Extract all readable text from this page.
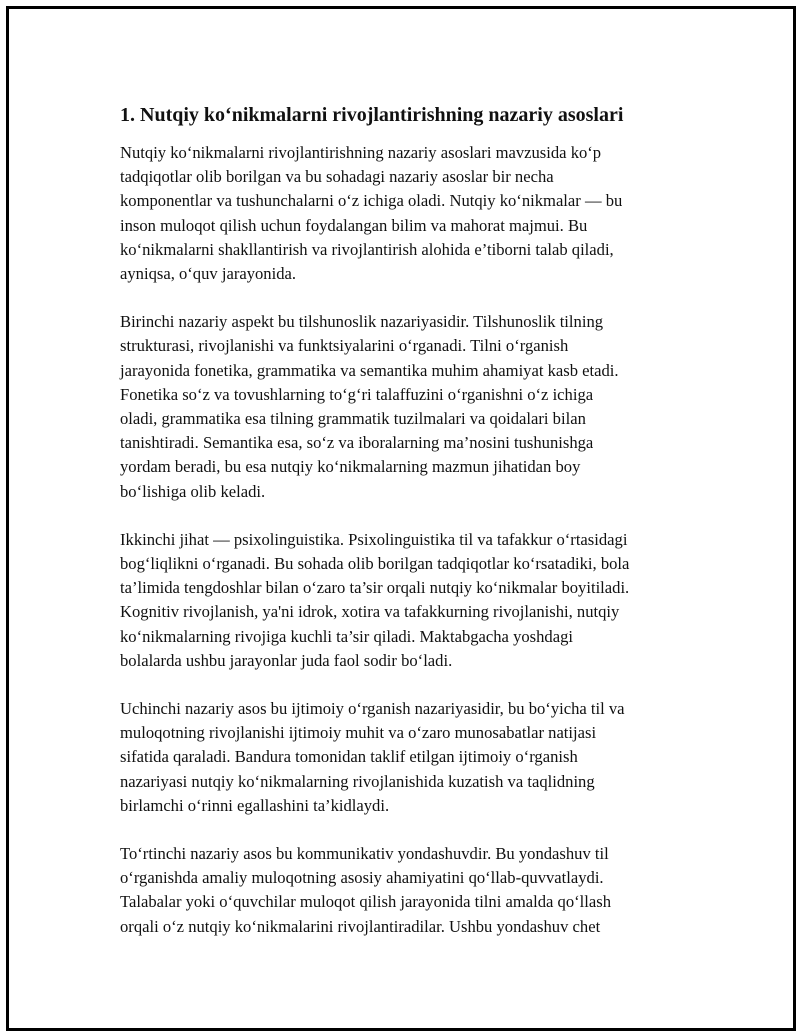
1. Nutqiy ko‘nikmalarni rivojlantirishning nazariy asoslari

Nutqiy ko‘nikmalarni rivojlantirishning nazariy asoslari mavzusida ko‘p
tadqiqotlar olib borilgan va bu sohadagi nazariy asoslar bir necha
komponentlar va tushunchalarni o‘z ichiga oladi. Nutqiy ko‘nikmalar — bu
inson muloqot qilish uchun foydalangan bilim va mahorat majmui. Bu
ko‘nikmalarni shakllantirish va rivojlantirish alohida e’tiborni talab qiladi,
ayniqsa, o‘quv jarayonida.

Birinchi nazariy aspekt bu tilshunoslik nazariyasidir. Tilshunoslik tilning
strukturasi, rivojlanishi va funktsiyalarini o‘rganadi. Tilni o‘rganish
jarayonida fonetika, grammatika va semantika muhim ahamiyat kasb etadi.
Fonetika so‘z va tovushlarning to‘g‘ri talaffuzini o‘rganishni o‘z ichiga
oladi, grammatika esa tilning grammatik tuzilmalari va qoidalari bilan
tanishtiradi. Semantika esa, so‘z va iboralarning ma’nosini tushunishga
yordam beradi, bu esa nutqiy ko‘nikmalarning mazmun jihatidan boy
bo‘lishiga olib keladi.

Ikkinchi jihat — psixolinguistika. Psixolinguistika til va tafakkur o‘rtasidagi
bog‘liqlikni o‘rganadi. Bu sohada olib borilgan tadqiqotlar ko‘rsatadiki, bola
ta’limida tengdoshlar bilan o‘zaro ta’sir orqali nutqiy ko‘nikmalar boyitiladi.
Kognitiv rivojlanish, ya'ni idrok, xotira va tafakkurning rivojlanishi, nutqiy
ko‘nikmalarning rivojiga kuchli ta’sir qiladi. Maktabgacha yoshdagi
bolalarda ushbu jarayonlar juda faol sodir bo‘ladi.

Uchinchi nazariy asos bu ijtimoiy o‘rganish nazariyasidir, bu bo‘yicha til va
muloqotning rivojlanishi ijtimoiy muhit va o‘zaro munosabatlar natijasi
sifatida qaraladi. Bandura tomonidan taklif etilgan ijtimoiy o‘rganish
nazariyasi nutqiy ko‘nikmalarning rivojlanishida kuzatish va taqlidning
birlamchi o‘rinni egallashini ta’kidlaydi.

To‘rtinchi nazariy asos bu kommunikativ yondashuvdir. Bu yondashuv til
o‘rganishda amaliy muloqotning asosiy ahamiyatini qo‘llab-quvvatlaydi.
Talabalar yoki o‘quvchilar muloqot qilish jarayonida tilni amalda qo‘llash
orqali o‘z nutqiy ko‘nikmalarini rivojlantiradilar. Ushbu yondashuv chet
